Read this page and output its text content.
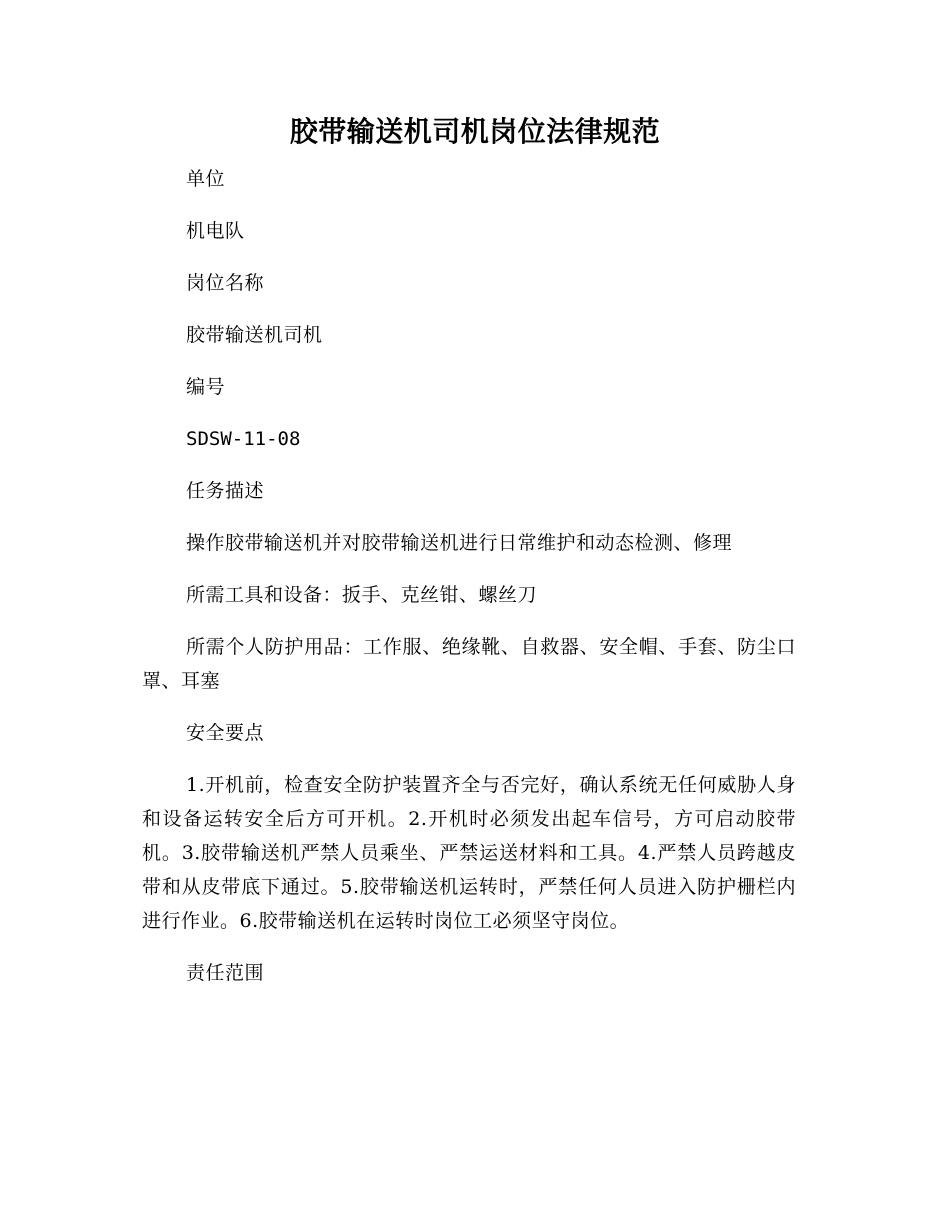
胶带输送机司机岗位法律规范

单位

机电队

岗位名称

胶带输送机司机

编号

SDSW-11-08

任务描述

操作胶带输送机并对胶带输送机进行日常维护和动态检测、修理

所需工具和设备：扳手、克丝钳、螺丝刀

所需个人防护用品：工作服、绝缘靴、自救器、安全帽、手套、防尘口罩、耳塞

安全要点

1.开机前，检查安全防护装置齐全与否完好，确认系统无任何威胁人身和设备运转安全后方可开机。2.开机时必须发出起车信号，方可启动胶带机。3.胶带输送机严禁人员乘坐、严禁运送材料和工具。4.严禁人员跨越皮带和从皮带底下通过。5.胶带输送机运转时，严禁任何人员进入防护栅栏内进行作业。6.胶带输送机在运转时岗位工必须坚守岗位。

责任范围
